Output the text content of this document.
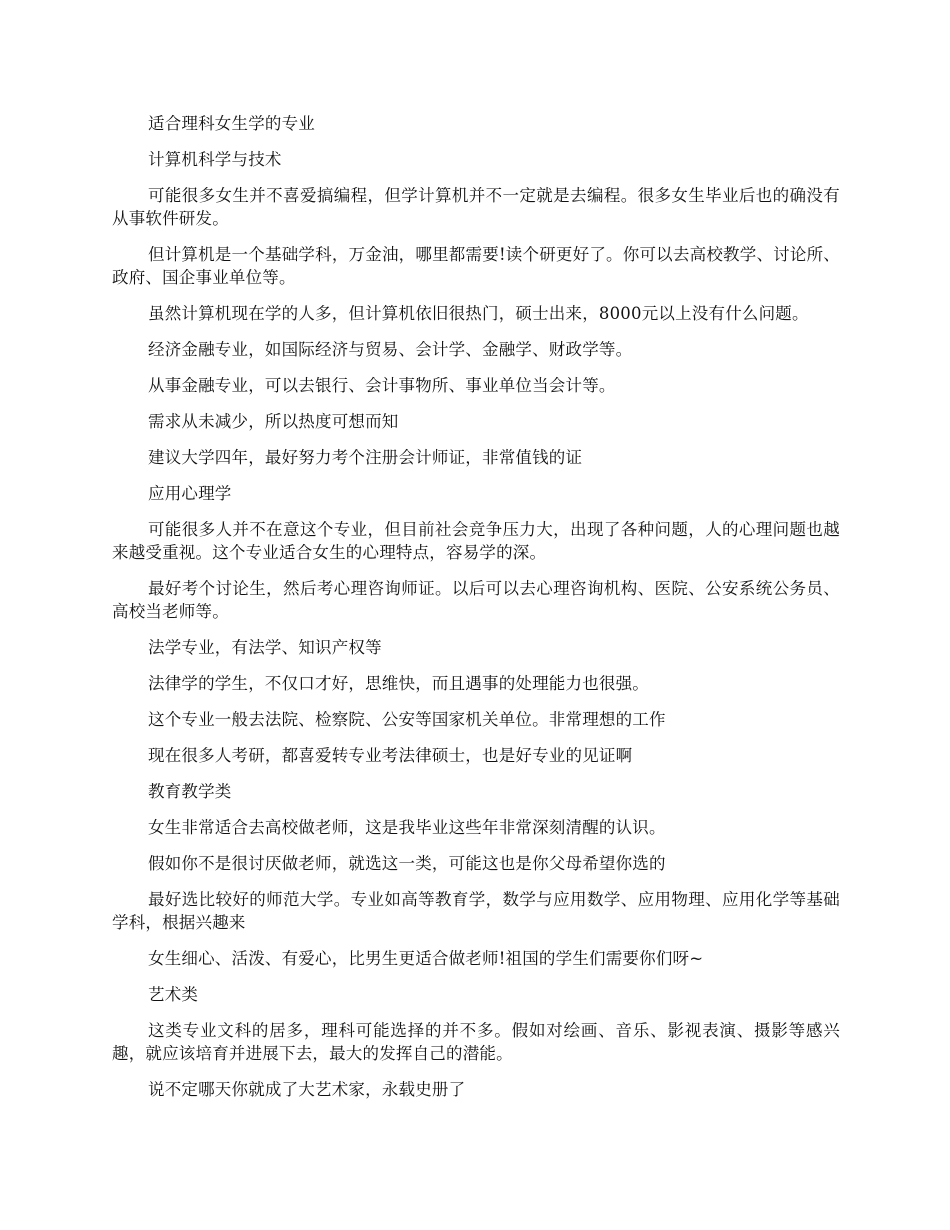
适合理科女生学的专业

计算机科学与技术

可能很多女生并不喜爱搞编程，但学计算机并不一定就是去编程。很多女生毕业后也的确没有从事软件研发。

但计算机是一个基础学科，万金油，哪里都需要!读个研更好了。你可以去高校教学、讨论所、政府、国企事业单位等。

虽然计算机现在学的人多，但计算机依旧很热门，硕士出来，8000元以上没有什么问题。

经济金融专业，如国际经济与贸易、会计学、金融学、财政学等。

从事金融专业，可以去银行、会计事物所、事业单位当会计等。

需求从未减少，所以热度可想而知

建议大学四年，最好努力考个注册会计师证，非常值钱的证

应用心理学

可能很多人并不在意这个专业，但目前社会竞争压力大，出现了各种问题，人的心理问题也越来越受重视。这个专业适合女生的心理特点，容易学的深。

最好考个讨论生，然后考心理咨询师证。以后可以去心理咨询机构、医院、公安系统公务员、高校当老师等。

法学专业，有法学、知识产权等

法律学的学生，不仅口才好，思维快，而且遇事的处理能力也很强。

这个专业一般去法院、检察院、公安等国家机关单位。非常理想的工作

现在很多人考研，都喜爱转专业考法律硕士，也是好专业的见证啊

教育教学类

女生非常适合去高校做老师，这是我毕业这些年非常深刻清醒的认识。

假如你不是很讨厌做老师，就选这一类，可能这也是你父母希望你选的

最好选比较好的师范大学。专业如高等教育学，数学与应用数学、应用物理、应用化学等基础学科，根据兴趣来

女生细心、活泼、有爱心，比男生更适合做老师!祖国的学生们需要你们呀~

艺术类

这类专业文科的居多，理科可能选择的并不多。假如对绘画、音乐、影视表演、摄影等感兴趣，就应该培育并进展下去，最大的发挥自己的潜能。

说不定哪天你就成了大艺术家，永载史册了
